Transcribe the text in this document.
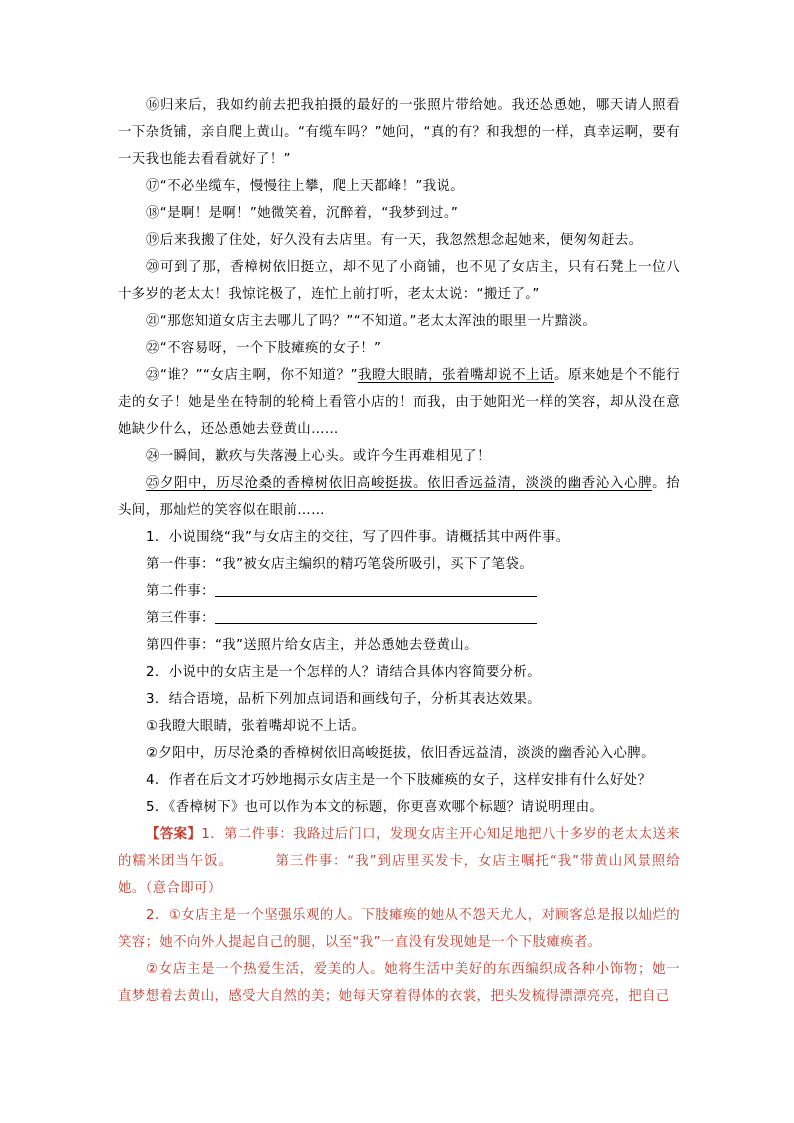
⑯归来后，我如约前去把我拍摄的最好的一张照片带给她。我还怂恿她，哪天请人照看一下杂货铺，亲自爬上黄山。“有缆车吗？”她问，“真的有？和我想的一样，真幸运啊，要有一天我也能去看看就好了！”

⑰“不必坐缆车，慢慢往上攀，爬上天都峰！”我说。

⑱“是啊！是啊！”她微笑着，沉醉着，“我梦到过。”

⑲后来我搬了住处，好久没有去店里。有一天，我忽然想念起她来，便匆匆赶去。

⑳可到了那，香樟树依旧挺立，却不见了小商铺，也不见了女店主，只有石凳上一位八十多岁的老太太！我惊诧极了，连忙上前打听，老太太说：“搬迁了。”

㉑“那您知道女店主去哪儿了吗？”“不知道。”老太太浑浊的眼里一片黯淡。

㉒“不容易呀，一个下肢瘫痪的女子！”

㉓“谁？”“女店主啊，你不知道？”我瞪大眼睛，张着嘴却说不上话。原来她是个不能行走的女子！她是坐在特制的轮椅上看管小店的！而我，由于她阳光一样的笑容，却从没在意她缺少什么，还怂恿她去登黄山……

㉔一瞬间，歉疚与失落漫上心头。或许今生再难相见了！

㉕夕阳中，历尽沧桑的香樟树依旧高峻挺拔。依旧香远益清，淡淡的幽香沁入心脾。抬头间，那灿烂的笑容似在眼前……

1．小说围绕“我”与女店主的交往，写了四件事。请概括其中两件事。

第一件事：“我”被女店主编织的精巧笔袋所吸引，买下了笔袋。

第二件事：

第三件事：

第四件事：“我”送照片给女店主，并怂恿她去登黄山。

2．小说中的女店主是一个怎样的人？请结合具体内容简要分析。

3．结合语境，品析下列加点词语和画线句子，分析其表达效果。

①我瞪大眼睛，张着嘴却说不上话。

②夕阳中，历尽沧桑的香樟树依旧高峻挺拔，依旧香远益清，淡淡的幽香沁入心脾。

4．作者在后文才巧妙地揭示女店主是一个下肢瘫痪的女子，这样安排有什么好处？

5．《香樟树下》也可以作为本文的标题，你更喜欢哪个标题？请说明理由。

【答案】1．第二件事：我路过后门口，发现女店主开心知足地把八十多岁的老太太送来的糯米团当午饭。	第三件事：“我”到店里买发卡，女店主嘱托“我”带黄山风景照给她。（意合即可）

2．①女店主是一个坚强乐观的人。下肢瘫痪的她从不怨天尤人，对顾客总是报以灿烂的笑容；她不向外人提起自己的腿，以至“我”一直没有发现她是一个下肢瘫痪者。

②女店主是一个热爱生活，爱美的人。她将生活中美好的东西编织成各种小饰物；她一直梦想着去黄山，感受大自然的美；她每天穿着得体的衣裳，把头发梳得漂漂亮亮，把自己
